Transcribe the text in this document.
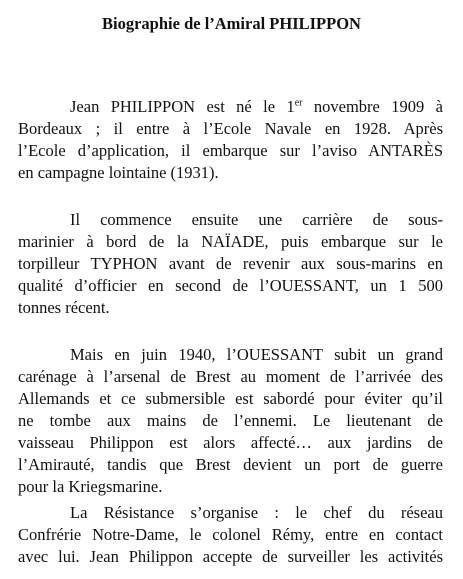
Biographie de l’Amiral PHILIPPON
Jean PHILIPPON est né le 1er novembre 1909 à
Bordeaux ; il entre à l’Ecole Navale en 1928. Après
l’Ecole d’application, il embarque sur l’aviso ANTARÈS
en campagne lointaine (1931).
Il commence ensuite une carrière de sous-
marinier à bord de la NAÏADE, puis embarque sur le
torpilleur TYPHON avant de revenir aux sous-marins en
qualité d’officier en second de l’OUESSANT, un 1 500
tonnes récent.
Mais en juin 1940, l’OUESSANT subit un grand
carénage à l’arsenal de Brest au moment de l’arrivée des
Allemands et ce submersible est sabordé pour éviter qu’il
ne tombe aux mains de l’ennemi. Le lieutenant de
vaisseau Philippon est alors affecté… aux jardins de
l’Amirauté, tandis que Brest devient un port de guerre
pour la Kriegsmarine.
La Résistance s’organise : le chef du réseau
Confrérie Notre-Dame, le colonel Rémy, entre en contact
avec lui. Jean Philippon accepte de surveiller les activités
